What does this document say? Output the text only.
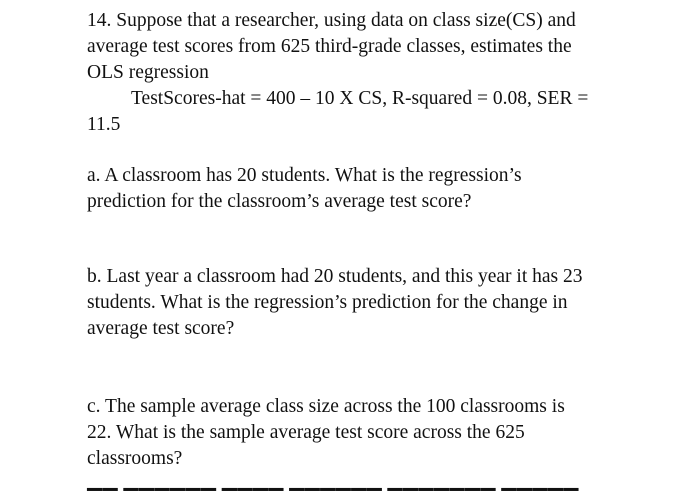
14. Suppose that a researcher, using data on class size(CS) and
average test scores from 625 third-grade classes, estimates the
OLS regression
TestScores-hat = 400 – 10 X CS, R-squared = 0.08, SER =
11.5
a. A classroom has 20 students. What is the regression’s
prediction for the classroom’s average test score?
b. Last year a classroom had 20 students, and this year it has 23
students. What is the regression’s prediction for the change in
average test score?
c. The sample average class size across the 100 classrooms is
22. What is the sample average test score across the 625
classrooms?
▁▁ ▁▁▁▁▁▁ ▁▁▁▁ ▁▁▁▁▁▁ ▁▁▁▁▁▁▁ ▁▁▁▁▁
